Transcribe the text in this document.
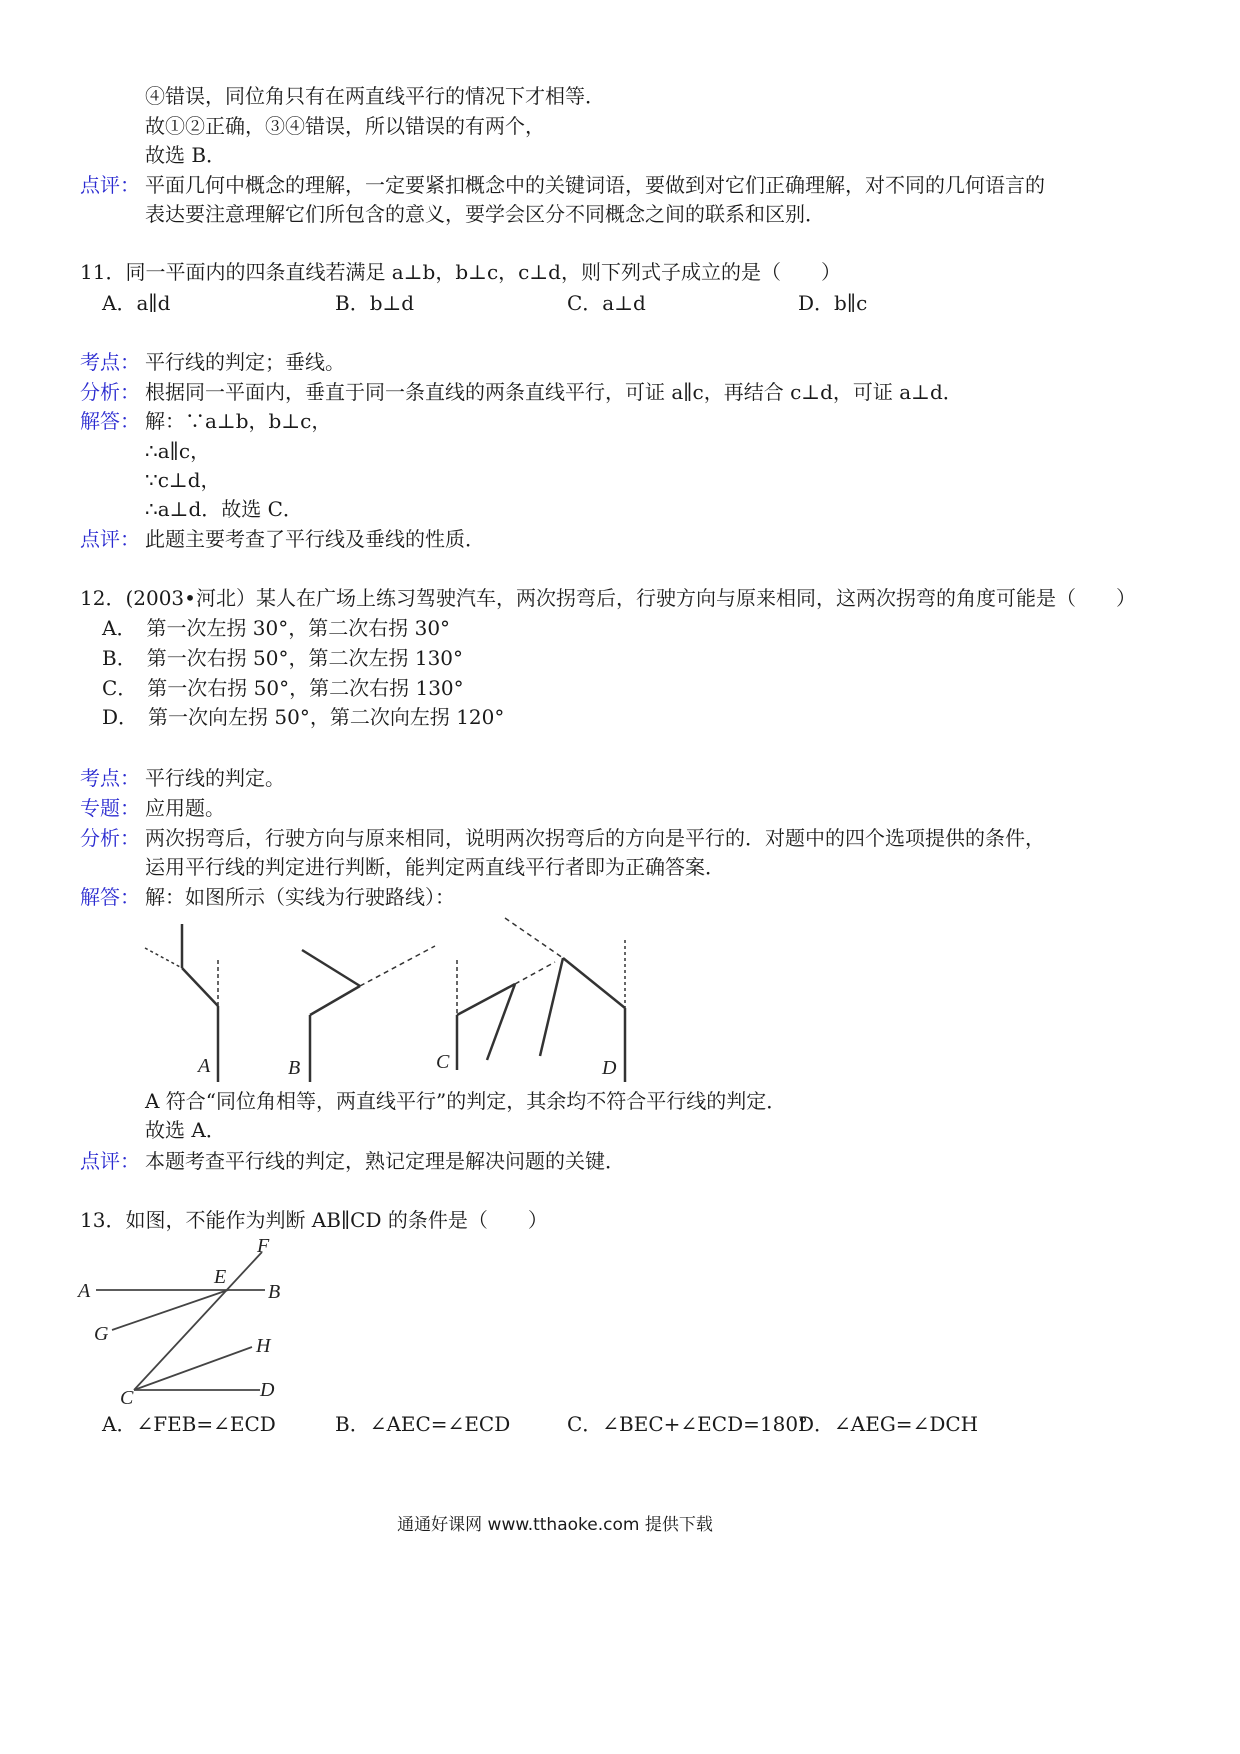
④错误，同位角只有在两直线平行的情况下才相等．
故①②正确，③④错误，所以错误的有两个，
故选 B．
点评： 平面几何中概念的理解，一定要紧扣概念中的关键词语，要做到对它们正确理解，对不同的几何语言的
表达要注意理解它们所包含的意义，要学会区分不同概念之间的联系和区别．
11．同一平面内的四条直线若满足 a⊥b，b⊥c，c⊥d，则下列式子成立的是（　　）
A．a∥d	B．b⊥d	C．a⊥d	D．b∥c
考点： 平行线的判定；垂线。
分析： 根据同一平面内，垂直于同一条直线的两条直线平行，可证 a∥c，再结合 c⊥d，可证 a⊥d．
解答： 解：∵a⊥b，b⊥c，
∴a∥c，
∵c⊥d，
∴a⊥d．故选 C．
点评： 此题主要考查了平行线及垂线的性质．
12．(2003•河北）某人在广场上练习驾驶汽车，两次拐弯后，行驶方向与原来相同，这两次拐弯的角度可能是（　　）
A．　第一次左拐 30°，第二次右拐 30°
B．　第一次右拐 50°，第二次左拐 130°
C．　第一次右拐 50°，第二次右拐 130°
D．　第一次向左拐 50°，第二次向左拐 120°
考点： 平行线的判定。
专题： 应用题。
分析： 两次拐弯后，行驶方向与原来相同，说明两次拐弯后的方向是平行的．对题中的四个选项提供的条件，
运用平行线的判定进行判断，能判定两直线平行者即为正确答案．
解答： 解：如图所示（实线为行驶路线）：
A	B	C	D
A 符合“同位角相等，两直线平行”的判定，其余均不符合平行线的判定．
故选 A．
点评： 本题考查平行线的判定，熟记定理是解决问题的关键．
13．如图，不能作为判断 AB∥CD 的条件是（　　）
A
E
B
F
G
H
C	D
A．∠FEB=∠ECD	B．∠AEC=∠ECD	C．∠BEC+∠ECD=180°
D．∠AEG=∠DCH
通通好课网 www.tthaoke.com 提供下载
